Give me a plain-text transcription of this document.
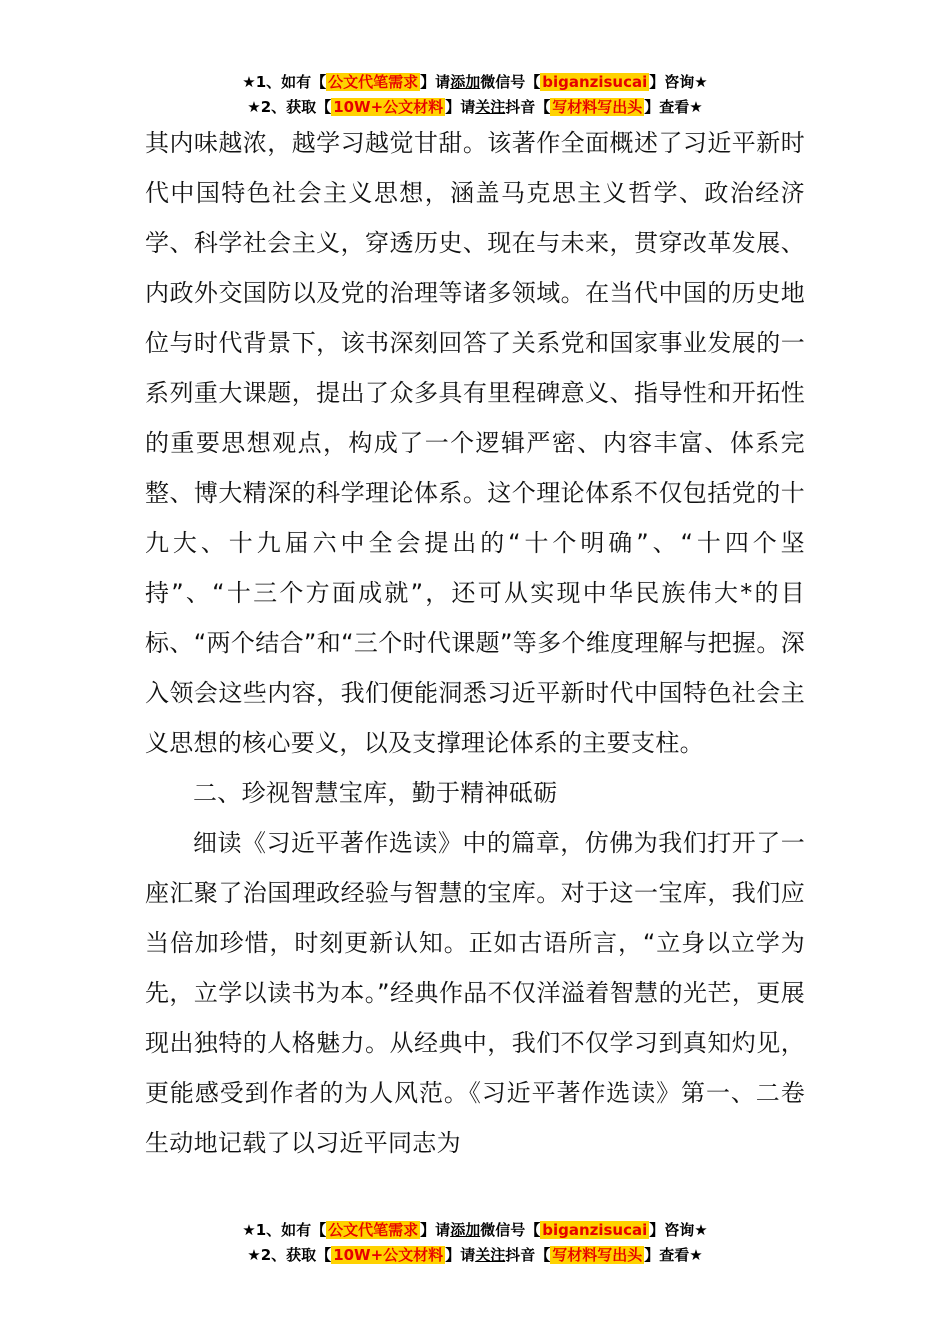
★1、如有【 公文代笔需求 】请添加微信号【 biganzisucai 】咨询★
★2、获取【 10W+公文材料 】请关注抖音【 写材料写出头 】查看★

其内味越浓，越学习越觉甘甜。该著作全面概述了习近平新时代中国特色社会主义思想，涵盖马克思主义哲学、政治经济学、科学社会主义，穿透历史、现在与未来，贯穿改革发展、内政外交国防以及党的治理等诸多领域。在当代中国的历史地位与时代背景下，该书深刻回答了关系党和国家事业发展的一系列重大课题，提出了众多具有里程碑意义、指导性和开拓性的重要思想观点，构成了一个逻辑严密、内容丰富、体系完整、博大精深的科学理论体系。这个理论体系不仅包括党的十九大、十九届六中全会提出的“十个明确”、“十四个坚持”、“十三个方面成就”，还可从实现中华民族伟大*的目标、“两个结合”和“三个时代课题”等多个维度理解与把握。深入领会这些内容，我们便能洞悉习近平新时代中国特色社会主义思想的核心要义，以及支撑理论体系的主要支柱。

二、珍视智慧宝库，勤于精神砥砺

细读《习近平著作选读》中的篇章，仿佛为我们打开了一座汇聚了治国理政经验与智慧的宝库。对于这一宝库，我们应当倍加珍惜，时刻更新认知。正如古语所言，“立身以立学为先，立学以读书为本。”经典作品不仅洋溢着智慧的光芒，更展现出独特的人格魅力。从经典中，我们不仅学习到真知灼见，更能感受到作者的为人风范。《习近平著作选读》第一、二卷生动地记载了以习近平同志为

★1、如有【 公文代笔需求 】请添加微信号【 biganzisucai 】咨询★
★2、获取【 10W+公文材料 】请关注抖音【 写材料写出头 】查看★
